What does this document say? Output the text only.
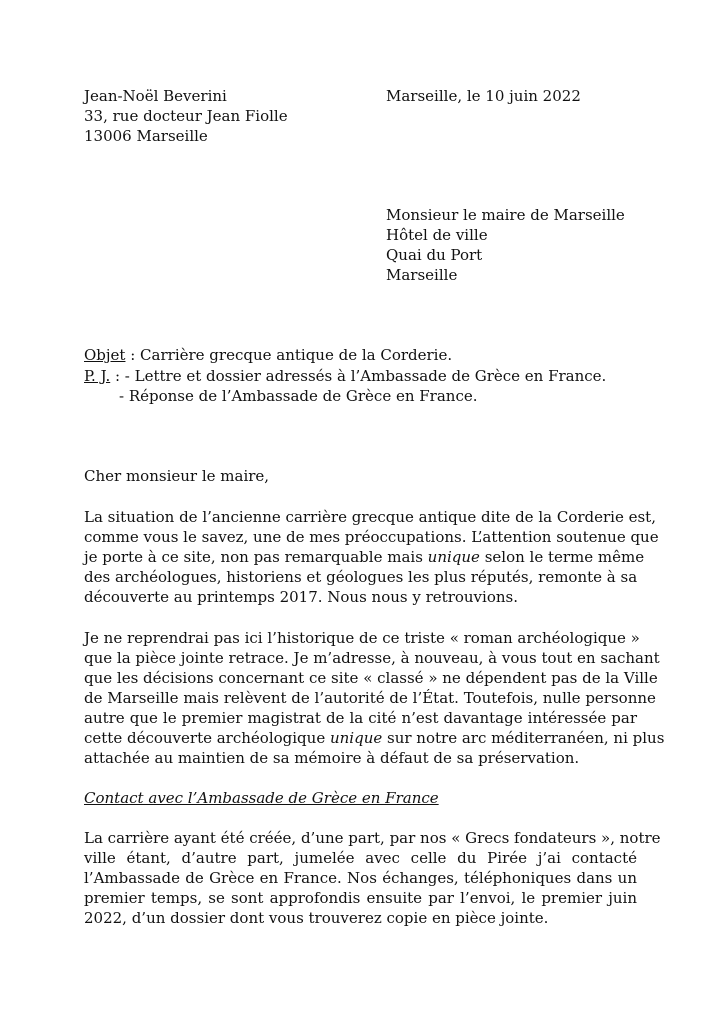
Jean-Noël Beverini
33, rue docteur Jean Fiolle
13006 Marseille
Marseille, le 10 juin 2022
Monsieur le maire de Marseille
Hôtel de ville
Quai du Port
Marseille
Objet : Carrière grecque antique de la Corderie.
P. J. : - Lettre et dossier adressés à l’Ambassade de Grèce en France.
- Réponse de l’Ambassade de Grèce en France.
Cher monsieur le maire,
La situation de l’ancienne carrière grecque antique dite de la Corderie est,
comme vous le savez, une de mes préoccupations. L’attention soutenue que
je porte à ce site, non pas remarquable mais unique selon le terme même
des archéologues, historiens et géologues les plus réputés, remonte à sa
découverte au printemps 2017. Nous nous y retrouvions.
Je ne reprendrai pas ici l’historique de ce triste « roman archéologique »
que la pièce jointe retrace. Je m’adresse, à nouveau, à vous tout en sachant
que les décisions concernant ce site « classé » ne dépendent pas de la Ville
de Marseille mais relèvent de l’autorité de l’État. Toutefois, nulle personne
autre que le premier magistrat de la cité n’est davantage intéressée par
cette découverte archéologique unique sur notre arc méditerranéen, ni plus
attachée au maintien de sa mémoire à défaut de sa préservation.
Contact avec l’Ambassade de Grèce en France
La carrière ayant été créée, d’une part, par nos « Grecs fondateurs », notre
ville étant, d’autre part, jumelée avec celle du Pirée j’ai contacté
l’Ambassade de Grèce en France. Nos échanges, téléphoniques dans un
premier temps, se sont approfondis ensuite par l’envoi, le premier juin
2022, d’un dossier dont vous trouverez copie en pièce jointe.
